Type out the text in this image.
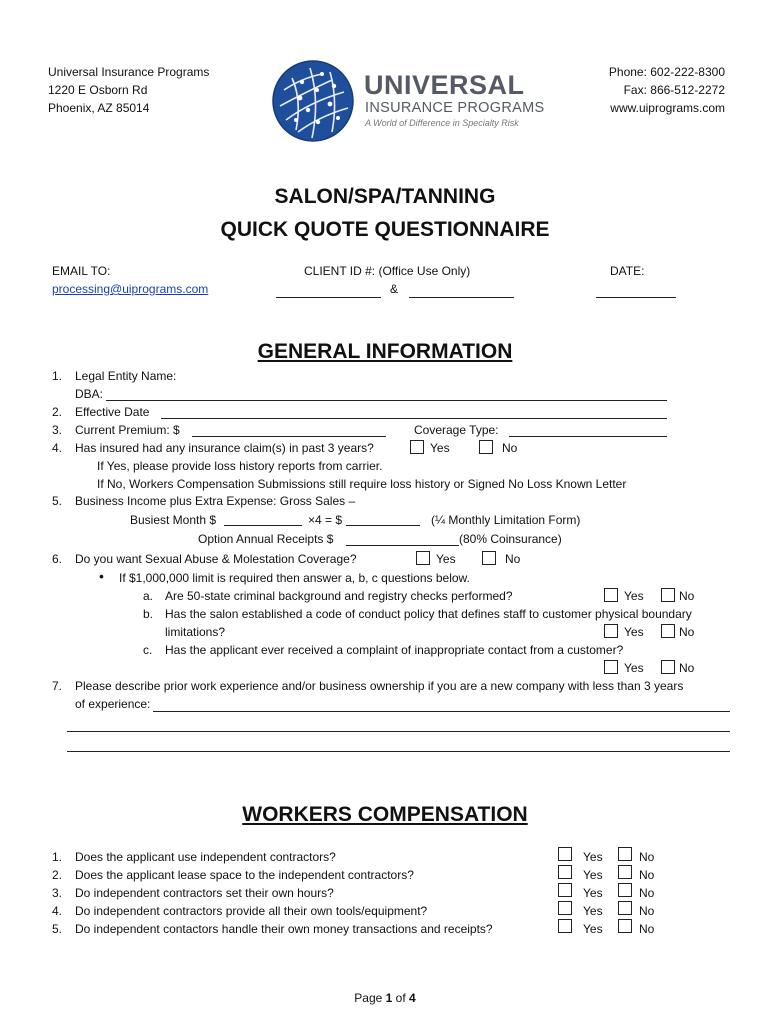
Universal Insurance Programs
1220 E Osborn Rd
Phoenix, AZ 85014
Phone: 602-222-8300
Fax: 866-512-2272
www.uiprograms.com
UNIVERSAL
INSURANCE PROGRAMS
A World of Difference in Specialty Risk
SALON/SPA/TANNING
QUICK QUOTE QUESTIONNAIRE
EMAIL TO:
processing@uiprograms.com
CLIENT ID #: (Office Use Only)
&
DATE:
GENERAL INFORMATION
1. Legal Entity Name:
DBA:
2. Effective Date
3. Current Premium: $	Coverage Type:
4. Has insured had any insurance claim(s) in past 3 years?	Yes	No
If Yes, please provide loss history reports from carrier.
If No, Workers Compensation Submissions still require loss history or Signed No Loss Known Letter
5. Business Income plus Extra Expense: Gross Sales –
Busiest Month $	×4 = $	(¼ Monthly Limitation Form)
Option Annual Receipts $	(80% Coinsurance)
6. Do you want Sexual Abuse & Molestation Coverage?	Yes	No
• If $1,000,000 limit is required then answer a, b, c questions below.
a. Are 50-state criminal background and registry checks performed?	Yes	No
b. Has the salon established a code of conduct policy that defines staff to customer physical boundary
limitations?	Yes	No
c. Has the applicant ever received a complaint of inappropriate contact from a customer?
Yes	No
7. Please describe prior work experience and/or business ownership if you are a new company with less than 3 years
of experience:
WORKERS COMPENSATION
1. Does the applicant use independent contractors?	Yes	No
2. Does the applicant lease space to the independent contractors?	Yes	No
3. Do independent contractors set their own hours?	Yes	No
4. Do independent contractors provide all their own tools/equipment?	Yes	No
5. Do independent contactors handle their own money transactions and receipts?	Yes	No
Page 1 of 4
